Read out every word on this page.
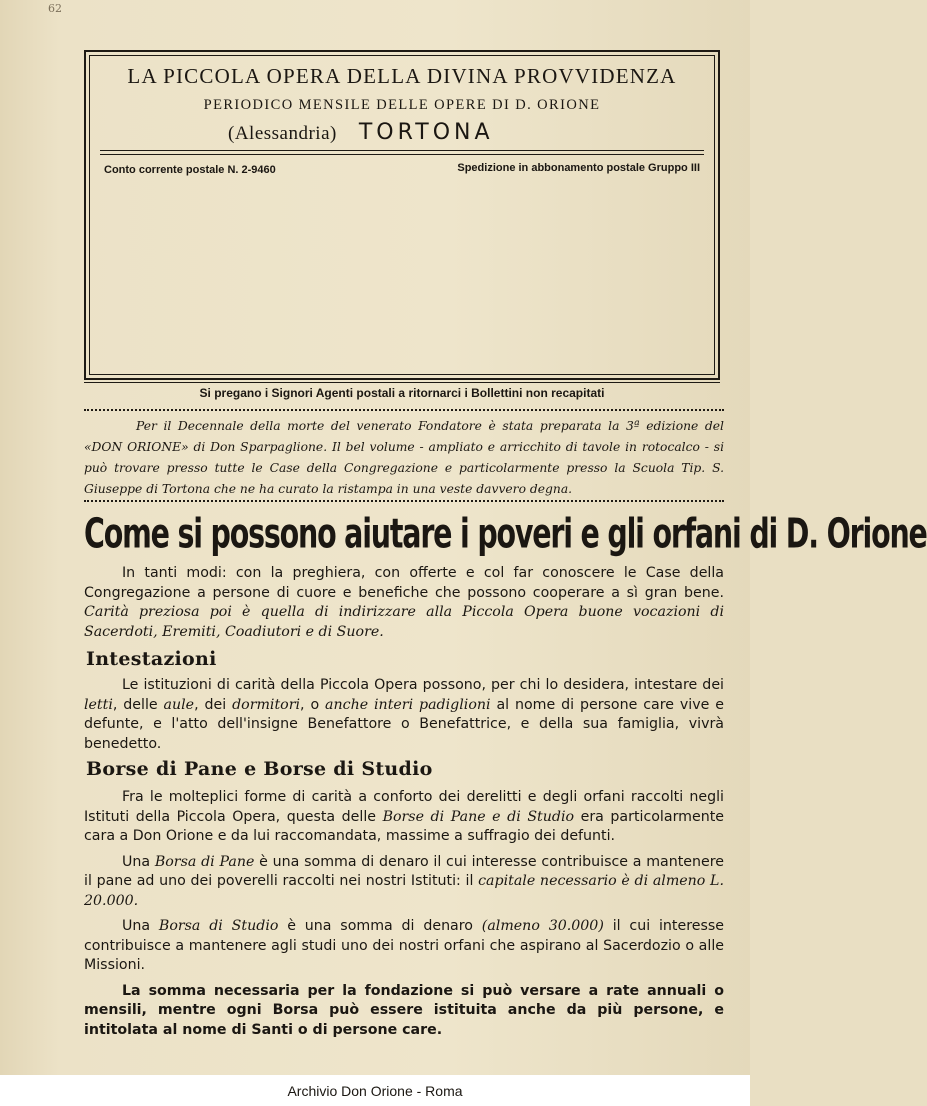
62
LA PICCOLA OPERA DELLA DIVINA PROVVIDENZA
PERIODICO MENSILE DELLE OPERE DI D. ORIONE
(Alessandria) TORTONA
Conto corrente postale N. 2-9460	Spedizione in abbonamento postale Gruppo III
Si pregano i Signori Agenti postali a ritornarci i Bollettini non recapitati
Per il Decennale della morte del venerato Fondatore è stata preparata la 3ª edizione del «DON ORIONE» di Don Sparpaglione. Il bel volume - ampliato e arricchito di tavole in rotocalco - si può trovare presso tutte le Case della Congregazione e particolarmente presso la Scuola Tip. S. Giuseppe di Tortona che ne ha curato la ristampa in una veste davvero degna.
Come si possono aiutare i poveri e gli orfani di D. Orione

In tanti modi: con la preghiera, con offerte e col far conoscere le Case della Congregazione a persone di cuore e benefiche che possono cooperare a sì gran bene. Carità preziosa poi è quella di indirizzare alla Piccola Opera buone vocazioni di Sacerdoti, Eremiti, Coadiutori e di Suore.

Intestazioni

Le istituzioni di carità della Piccola Opera possono, per chi lo desidera, intestare dei letti, delle aule, dei dormitori, o anche interi padiglioni al nome di persone care vive e defunte, e l'atto dell'insigne Benefattore o Benefattrice, e della sua famiglia, vivrà benedetto.

Borse di Pane e Borse di Studio

Fra le molteplici forme di carità a conforto dei derelitti e degli orfani raccolti negli Istituti della Piccola Opera, questa delle Borse di Pane e di Studio era particolarmente cara a Don Orione e da lui raccomandata, massime a suffragio dei defunti.

Una Borsa di Pane è una somma di denaro il cui interesse contribuisce a mantenere il pane ad uno dei poverelli raccolti nei nostri Istituti: il capitale necessario è di almeno L. 20.000.

Una Borsa di Studio è una somma di denaro (almeno 30.000) il cui interesse contribuisce a mantenere agli studi uno dei nostri orfani che aspirano al Sacerdozio o alle Missioni.

La somma necessaria per la fondazione si può versare a rate annuali o mensili, mentre ogni Borsa può essere istituita anche da più persone, e intitolata al nome di Santi o di persone care.

Archivio Don Orione - Roma
